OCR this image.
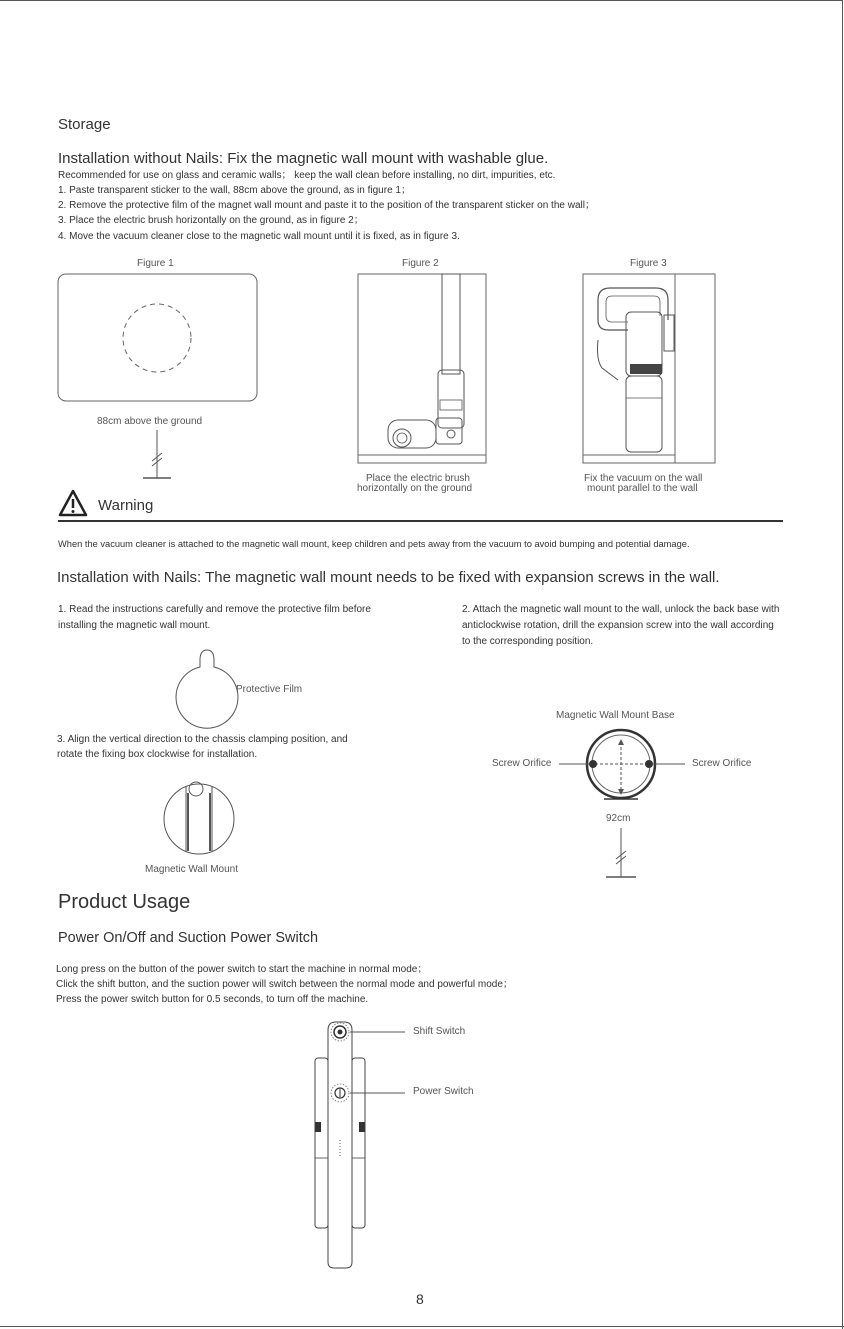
Storage
Installation without Nails: Fix the magnetic wall mount with washable glue.
Recommended for use on glass and ceramic walls； keep the wall clean before installing, no dirt, impurities, etc.
1. Paste transparent sticker to the wall, 88cm above the ground, as in figure 1；
2. Remove the protective film of the magnet wall mount and paste it to the position of the transparent sticker on the wall；
3. Place the electric brush horizontally on the ground, as in figure 2；
4. Move the vacuum cleaner close to the magnetic wall mount until it is fixed, as in figure 3.
Figure 1	Figure 2	Figure 3
88cm above the ground
Place the electric brush
horizontally on the ground
Fix the vacuum on the wall
mount parallel to the wall
Warning
When the vacuum cleaner is attached to the magnetic wall mount, keep children and pets away from the vacuum to avoid bumping and potential damage.
Installation with Nails: The magnetic wall mount needs to be fixed with expansion screws in the wall.
1. Read the instructions carefully and remove the protective film before
installing the magnetic wall mount.
2. Attach the magnetic wall mount to the wall, unlock the back base with
anticlockwise rotation, drill the expansion screw into the wall according
to the corresponding position.
Protective Film
3. Align the vertical direction to the chassis clamping position, and
rotate the fixing box clockwise for installation.
Magnetic Wall Mount
Magnetic Wall Mount Base
Screw Orifice	Screw Orifice
92cm
Product Usage
Power On/Off and Suction Power Switch
Long press on the button of the power switch to start the machine in normal mode；
Click the shift button, and the suction power will switch between the normal mode and powerful mode；
Press the power switch button for 0.5 seconds, to turn off the machine.
Shift Switch
Power Switch
8
